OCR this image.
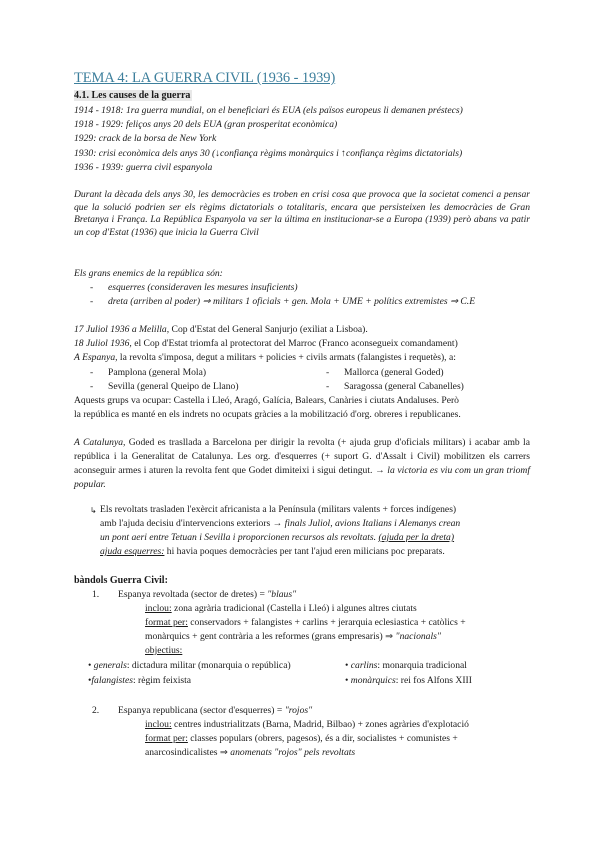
TEMA 4: LA GUERRA CIVIL (1936 - 1939)
4.1. Les causes de la guerra
1914 - 1918: 1ra guerra mundial, on el beneficiari és EUA (els països europeus li demanen préstecs)
1918 - 1929: feliços anys 20 dels EUA (gran prosperitat econòmica)
1929: crack de la borsa de New York
1930: crisi econòmica dels anys 30 (↓confiança règims monàrquics i ↑confiança règims dictatorials)
1936 - 1939: guerra civil espanyola
Durant la dècada dels anys 30, les democràcies es troben en crisi cosa que provoca que la societat comenci a pensar que la solució podrien ser els règims dictatorials o totalitaris, encara que persisteixen les democràcies de Gran Bretanya i França. La República Espanyola va ser la última en institucionar-se a Europa (1939) però abans va patir un cop d'Estat (1936) que inicia la Guerra Civil
Els grans enemics de la república són:
- esquerres (consideraven les mesures insuficients)
- dreta (arriben al poder) ⇒ militars 1 oficials + gen. Mola + UME + polítics extremistes ⇒ C.E
17 Juliol 1936 a Melilla, Cop d'Estat del General Sanjurjo (exiliat a Lisboa).
18 Juliol 1936, el Cop d'Estat triomfa al protectorat del Marroc (Franco aconsegueix comandament)
A Espanya, la revolta s'imposa, degut a militars + policies + civils armats (falangistes i requetès), a:
- Pamplona (general Mola)	- Mallorca (general Goded)
- Sevilla (general Queipo de Llano)	- Saragossa (general Cabanelles)
Aquests grups va ocupar: Castella i Lleó, Aragó, Galícia, Balears, Canàries i ciutats Andaluses. Però
la república es manté en els indrets no ocupats gràcies a la mobilització d'org. obreres i republicanes.
A Catalunya, Goded es trasllada a Barcelona per dirigir la revolta (+ ajuda grup d'oficials militars) i acabar amb la república i la Generalitat de Catalunya. Les org. d'esquerres (+ suport G. d'Assalt i Civil) mobilitzen els carrers aconseguir armes i aturen la revolta fent que Godet dimiteixi i sigui detingut. → la victoria es viu com un gran triomf popular.
↳ Els revoltats trasladen l'exèrcit africanista a la Península (militars valents + forces indígenes)
amb l'ajuda decisiu d'intervencions exteriors → finals Juliol, avions Italians i Alemanys crean
un pont aeri entre Tetuan i Sevilla i proporcionen recursos als revoltats. (ajuda per la dreta)
ajuda esquerres: hi havia poques democràcies per tant l'ajud eren milicians poc preparats.
bàndols Guerra Civil:
1. Espanya revoltada (sector de dretes) = "blaus"
inclou: zona agrària tradicional (Castella i Lleó) i algunes altres ciutats
format per: conservadors + falangistes + carlins + jerarquia eclesiastica + catòlics +
monàrquics + gent contrària a les reformes (grans empresaris) ⇒ "nacionals"
objectius:
• generals: dictadura militar (monarquia o república)
•falangistes: règim feixista
• carlins: monarquia tradicional
• monàrquics: rei fos Alfons XIII
2. Espanya republicana (sector d'esquerres) = "rojos"
inclou: centres industrialitzats (Barna, Madrid, Bilbao) + zones agràries d'explotació
format per: classes populars (obrers, pagesos), és a dir, socialistes + comunistes +
anarcosindicalistes ⇒ anomenats "rojos" pels revoltats
